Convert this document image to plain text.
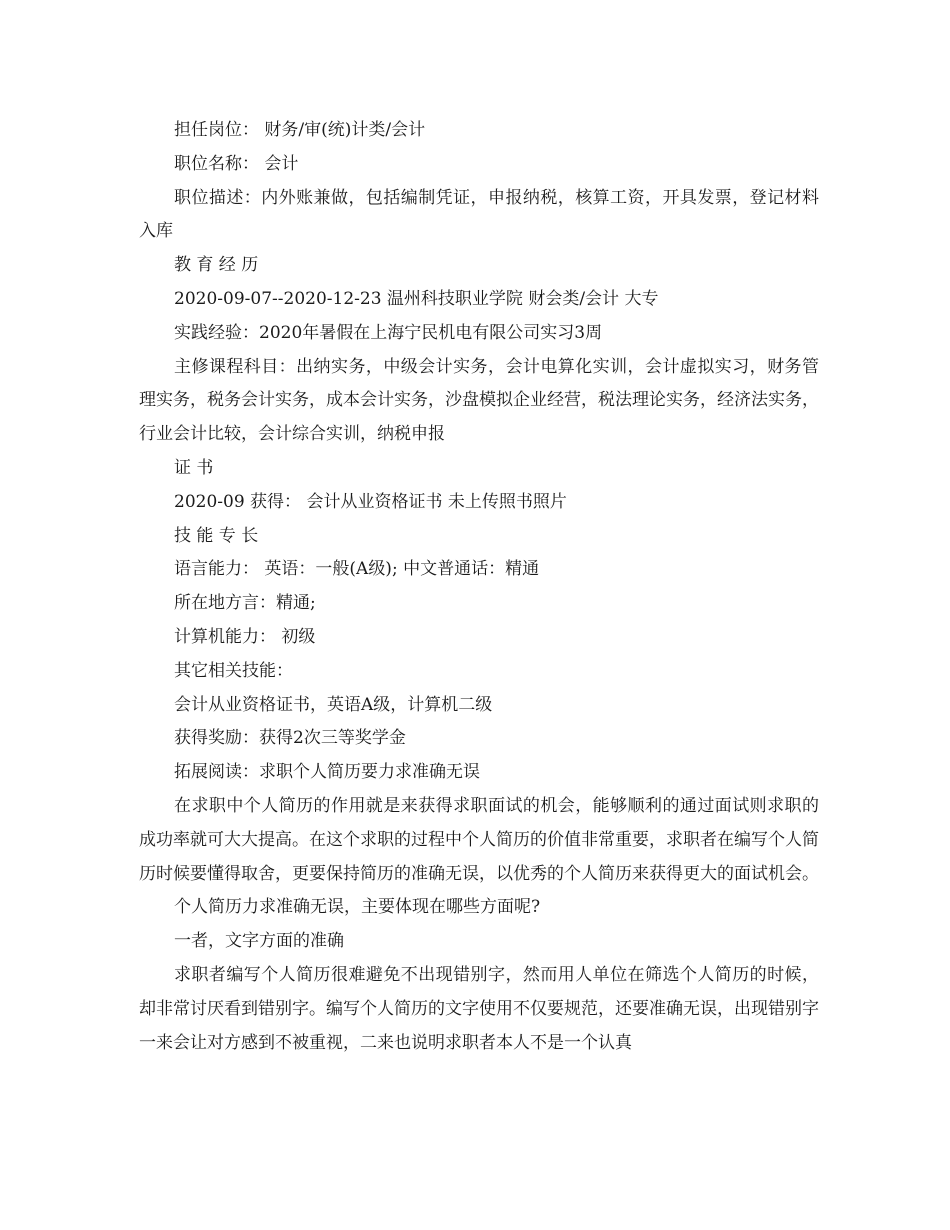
担任岗位： 财务/审(统)计类/会计

职位名称： 会计

职位描述：内外账兼做，包括编制凭证，申报纳税，核算工资，开具发票，登记材料入库

教 育 经 历

2020-09-07--2020-12-23 温州科技职业学院 财会类/会计 大专

实践经验：2020年暑假在上海宁民机电有限公司实习3周

主修课程科目：出纳实务，中级会计实务，会计电算化实训，会计虚拟实习，财务管理实务，税务会计实务，成本会计实务，沙盘模拟企业经营，税法理论实务，经济法实务，行业会计比较，会计综合实训，纳税申报

证 书

2020-09 获得： 会计从业资格证书 未上传照书照片

技 能 专 长

语言能力： 英语：一般(A级); 中文普通话：精通

所在地方言：精通;

计算机能力： 初级

其它相关技能：

会计从业资格证书，英语A级，计算机二级

获得奖励：获得2次三等奖学金

拓展阅读：求职个人简历要力求准确无误

在求职中个人简历的作用就是来获得求职面试的机会，能够顺利的通过面试则求职的成功率就可大大提高。在这个求职的过程中个人简历的价值非常重要，求职者在编写个人简历时候要懂得取舍，更要保持简历的准确无误，以优秀的个人简历来获得更大的面试机会。

个人简历力求准确无误，主要体现在哪些方面呢?

一者，文字方面的准确

求职者编写个人简历很难避免不出现错别字，然而用人单位在筛选个人简历的时候，却非常讨厌看到错别字。编写个人简历的文字使用不仅要规范，还要准确无误，出现错别字一来会让对方感到不被重视，二来也说明求职者本人不是一个认真
